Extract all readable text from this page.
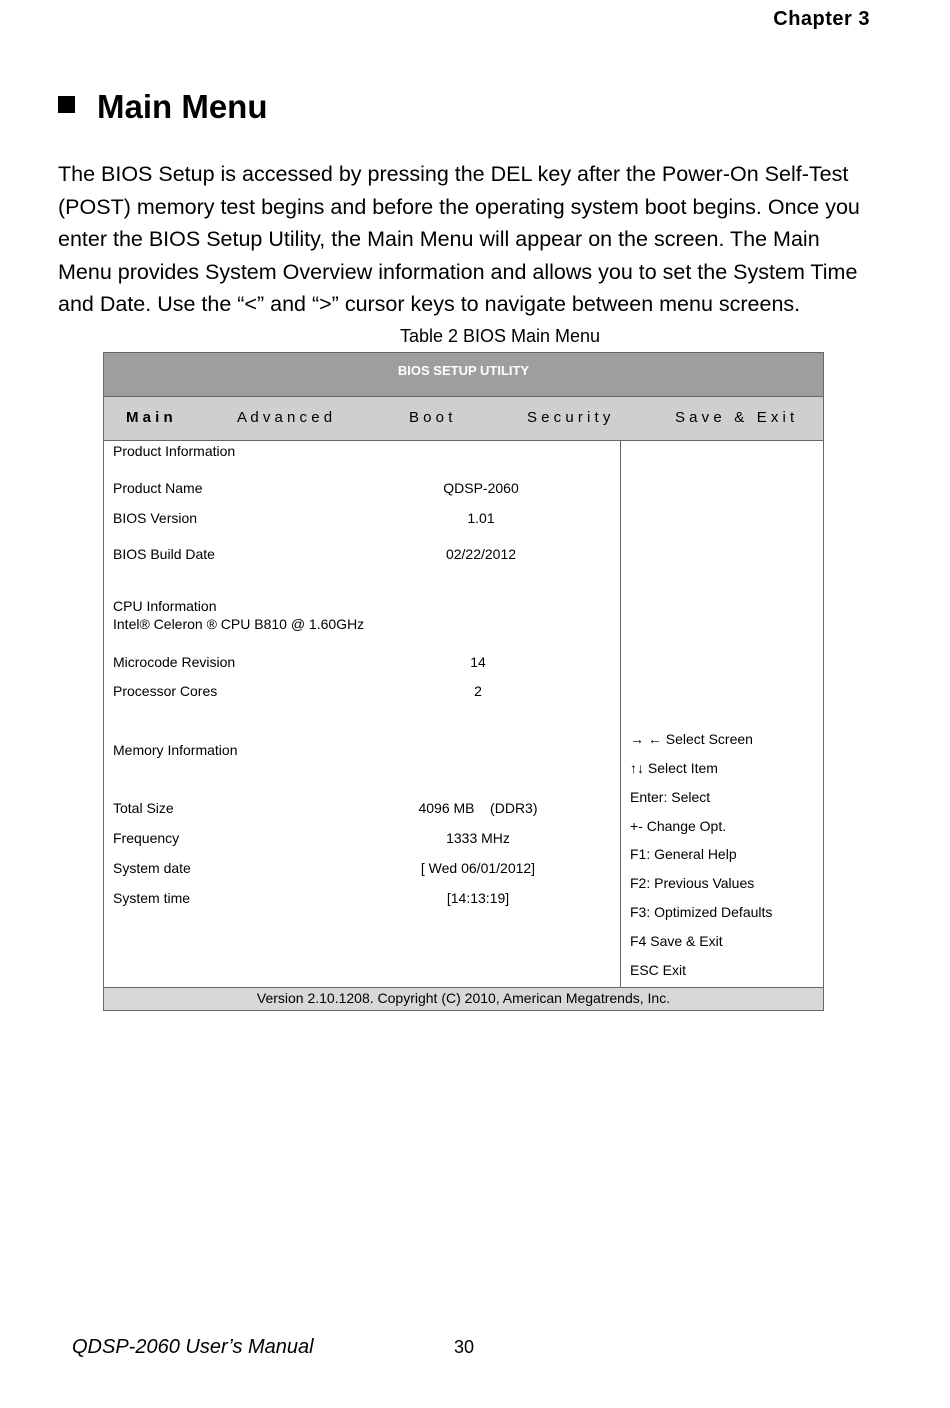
Chapter 3
Main Menu
The BIOS Setup is accessed by pressing the DEL key after the Power-On Self-Test (POST) memory test begins and before the operating system boot begins. Once you enter the BIOS Setup Utility, the Main Menu will appear on the screen. The Main Menu provides System Overview information and allows you to set the System Time and Date. Use the “<” and “>” cursor keys to navigate between menu screens.
Table 2 BIOS Main Menu
BIOS SETUP UTILITY
M a i n	A d v a n c e d	B o o t	S e c u r i t y	S a v e   &   E x i t
Product Information
Product Name	QDSP-2060
BIOS Version	1.01
BIOS Build Date	02/22/2012
CPU Information
Intel® Celeron ® CPU B810 @ 1.60GHz
Microcode Revision	14
Processor Cores	2
Memory Information
Total Size	4096 MB    (DDR3)
Frequency	1333 MHz
System date	[ Wed 06/01/2012]
System time	[14:13:19]
→ ← Select Screen
↑↓ Select Item
Enter: Select
+- Change Opt.
F1: General Help
F2: Previous Values
F3: Optimized Defaults
F4 Save & Exit
ESC Exit
Version 2.10.1208. Copyright (C) 2010, American Megatrends, Inc.
QDSP-2060 User’s Manual	30
